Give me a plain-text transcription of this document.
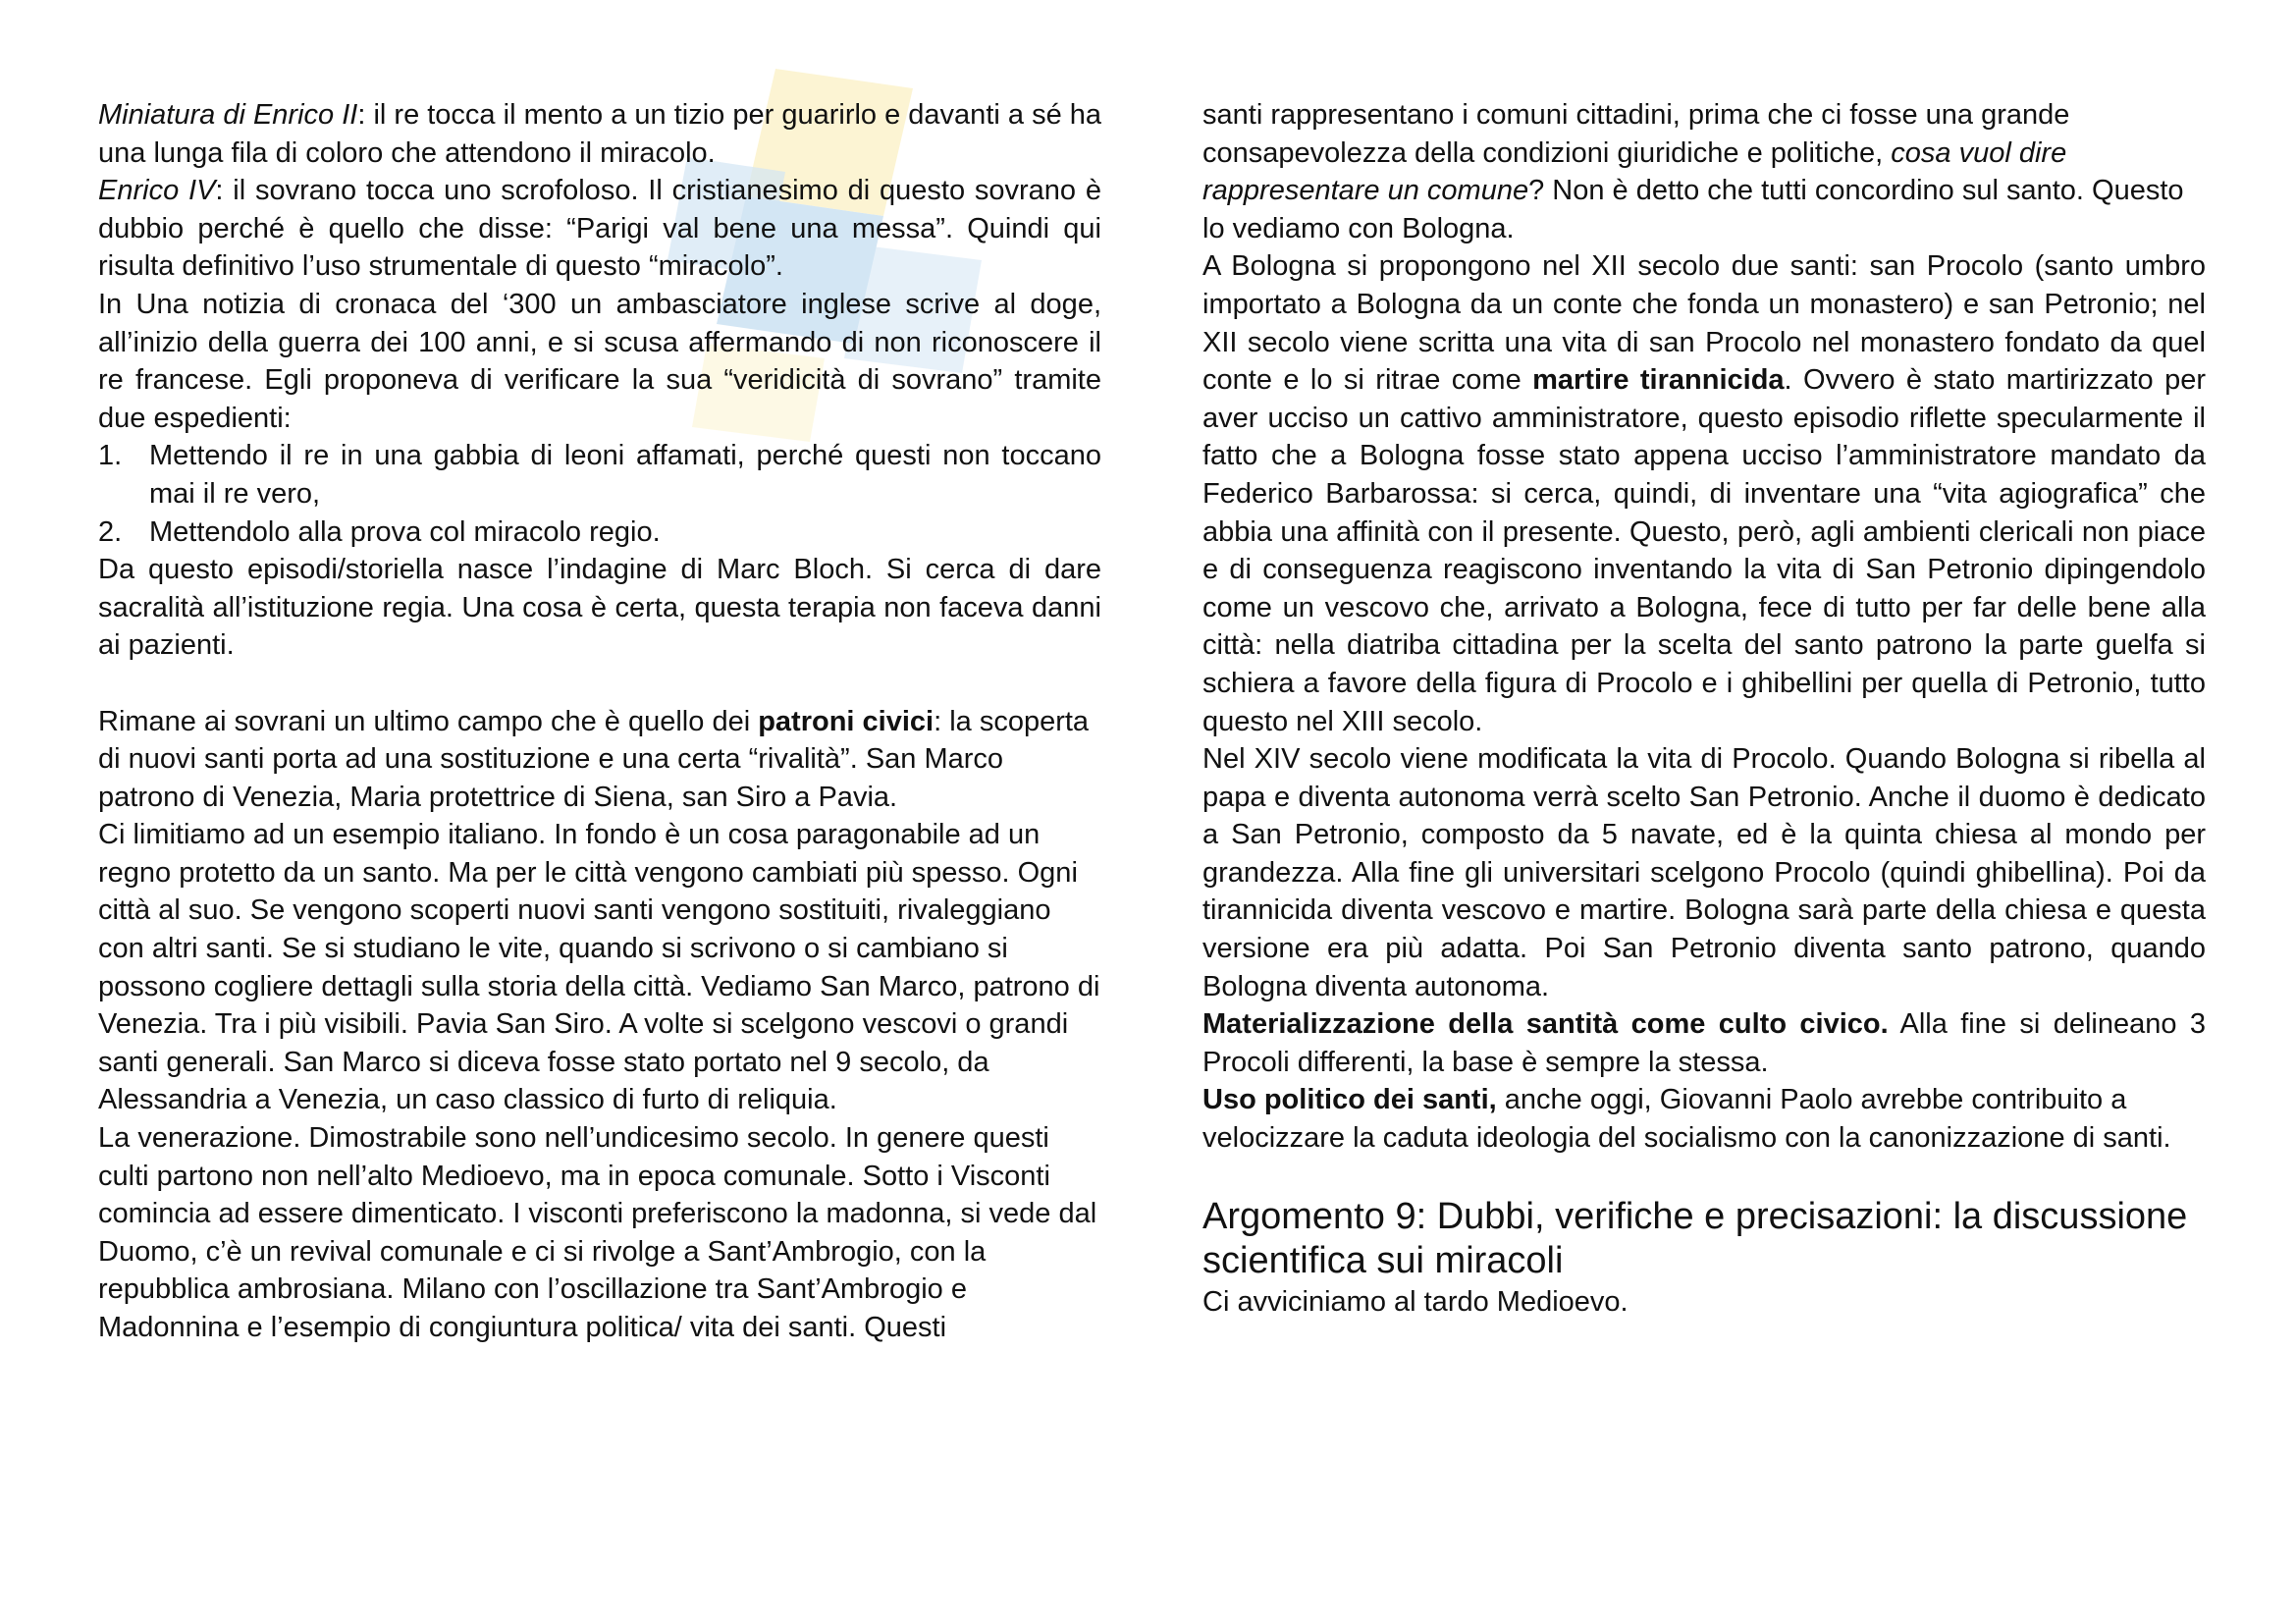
Miniatura di Enrico II: il re tocca il mento a un tizio per guarirlo e davanti a sé ha una lunga fila di coloro che attendono il miracolo.

Enrico IV: il sovrano tocca uno scrofoloso. Il cristianesimo di questo sovrano è dubbio perché è quello che disse: “Parigi val bene una messa”. Quindi qui risulta definitivo l’uso strumentale di questo “miracolo”.

In Una notizia di cronaca del ‘300 un ambasciatore inglese scrive al doge, all’inizio della guerra dei 100 anni, e si scusa affermando di non riconoscere il re francese. Egli proponeva di verificare la sua “veridicità di sovrano” tramite due espedienti:

1. Mettendo il re in una gabbia di leoni affamati, perché questi non toccano mai il re vero,
2. Mettendolo alla prova col miracolo regio.

Da questo episodi/storiella nasce l’indagine di Marc Bloch. Si cerca di dare sacralità all’istituzione regia. Una cosa è certa, questa terapia non faceva danni ai pazienti.

Rimane ai sovrani un ultimo campo che è quello dei patroni civici: la scoperta di nuovi santi porta ad una sostituzione e una certa “rivalità”. San Marco patrono di Venezia, Maria protettrice di Siena, san Siro a Pavia.

Ci limitiamo ad un esempio italiano. In fondo è un cosa paragonabile ad un regno protetto da un santo. Ma per le città vengono cambiati più spesso. Ogni città al suo. Se vengono scoperti nuovi santi vengono sostituiti, rivaleggiano con altri santi. Se si studiano le vite, quando si scrivono o si cambiano si possono cogliere dettagli sulla storia della città. Vediamo San Marco, patrono di Venezia. Tra i più visibili. Pavia San Siro. A volte si scelgono vescovi o grandi santi generali. San Marco si diceva fosse stato portato nel 9 secolo, da Alessandria a Venezia, un caso classico di furto di reliquia.

La venerazione. Dimostrabile sono nell’undicesimo secolo. In genere questi culti partono non nell’alto Medioevo, ma in epoca comunale. Sotto i Visconti comincia ad essere dimenticato. I visconti preferiscono la madonna, si vede dal Duomo, c’è un revival comunale e ci si rivolge a Sant’Ambrogio, con la repubblica ambrosiana. Milano con l’oscillazione tra Sant’Ambrogio e Madonnina e l’esempio di congiuntura politica/ vita dei santi. Questi

santi rappresentano i comuni cittadini, prima che ci fosse una grande consapevolezza della condizioni giuridiche e politiche, cosa vuol dire rappresentare un comune? Non è detto che tutti concordino sul santo. Questo lo vediamo con Bologna.

A Bologna si propongono nel XII secolo due santi: san Procolo (santo umbro importato a Bologna da un conte che fonda un monastero) e san Petronio; nel XII secolo viene scritta una vita di san Procolo nel monastero fondato da quel conte e lo si ritrae come martire tirannicida. Ovvero è stato martirizzato per aver ucciso un cattivo amministratore, questo episodio riflette specularmente il fatto che a Bologna fosse stato appena ucciso l’amministratore mandato da Federico Barbarossa: si cerca, quindi, di inventare una “vita agiografica” che abbia una affinità con il presente. Questo, però, agli ambienti clericali non piace e di conseguenza reagiscono inventando la vita di San Petronio dipingendolo come un vescovo che, arrivato a Bologna, fece di tutto per far delle bene alla città: nella diatriba cittadina per la scelta del santo patrono la parte guelfa si schiera a favore della figura di Procolo e i ghibellini per quella di Petronio, tutto questo nel XIII secolo.

Nel XIV secolo viene modificata la vita di Procolo. Quando Bologna si ribella al papa e diventa autonoma verrà scelto San Petronio. Anche il duomo è dedicato a San Petronio, composto da 5 navate, ed è la quinta chiesa al mondo per grandezza. Alla fine gli universitari scelgono Procolo (quindi ghibellina). Poi da tirannicida diventa vescovo e martire. Bologna sarà parte della chiesa e questa versione era più adatta. Poi San Petronio diventa santo patrono, quando Bologna diventa autonoma.

Materializzazione della santità come culto civico. Alla fine si delineano 3 Procoli differenti, la base è sempre la stessa.

Uso politico dei santi, anche oggi, Giovanni Paolo avrebbe contribuito a velocizzare la caduta ideologia del socialismo con la canonizzazione di santi.

Argomento 9: Dubbi, verifiche e precisazioni: la discussione scientifica sui miracoli

Ci avviciniamo al tardo Medioevo.
